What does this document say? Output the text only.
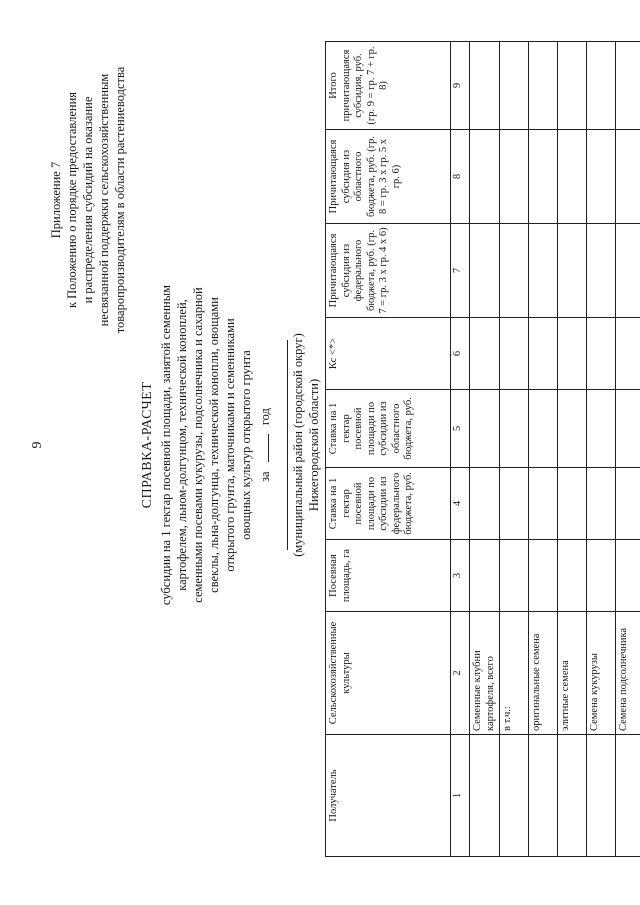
9
Приложение 7 к Положению о порядке предоставления и распределения субсидий на оказание несвязанной поддержки сельскохозяйственным товаропроизводителям в области растениеводства
СПРАВКА-РАСЧЕТ субсидии на 1 гектар посевной площади, занятой семенным картофелем, льном-долгунцом, технической коноплей, семенными посевами кукурузы, подсолнечника и сахарной свеклы, льна-долгунца, технической конопли, овощами открытого грунта, маточниками и семенниками овощных культур открытого грунта за  год (муниципальный район (городской округ) Нижегородской области)
Получатель	Сельскохозяйственные культуры	Посевная площадь, га	Ставка на 1 гектар посевной площади по субсидии из федерального бюджета, руб.	Ставка на 1 гектар посевной площади по субсидии из областного бюджета, руб.	Кс <*>	Причитающаяся субсидия из федерального бюджета, руб. (гр. 7 = гр. 3 x гр. 4 x 6)	Причитающаяся субсидия из областного бюджета, руб. (гр. 8 = гр. 3 x гр. 5 x гр. 6)	Итого причитающаяся субсидия, руб. (гр. 9 = гр. 7 + гр. 8)
1	2	3	4	5	6	7	8	9
	Семенные клубни картофеля, всего							
	в т.ч.:							
	оригинальные семена							
	элитные семена							
	Семена кукурузы							
	Семена подсолнечника							
